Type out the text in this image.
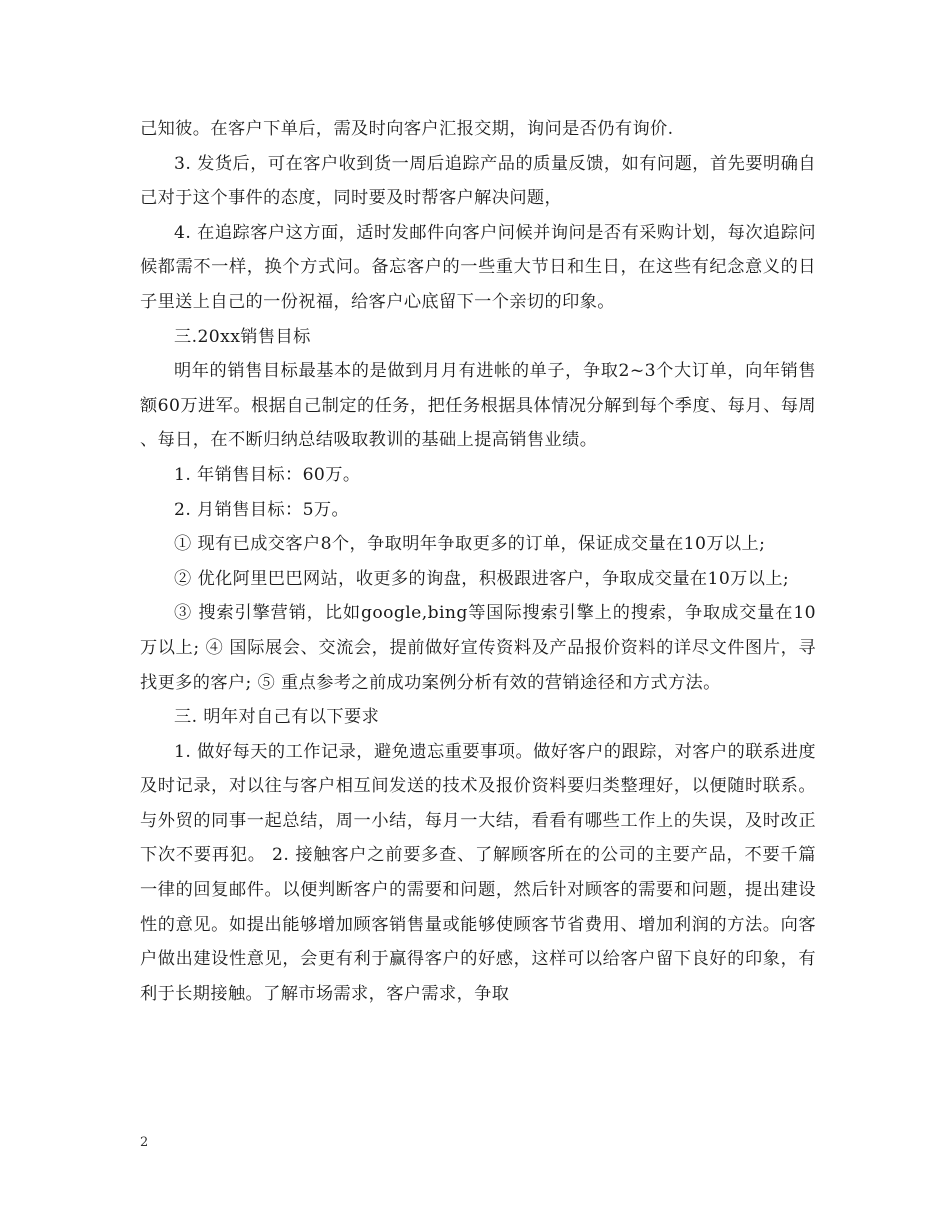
己知彼。在客户下单后，需及时向客户汇报交期，询问是否仍有询价.

3. 发货后，可在客户收到货一周后追踪产品的质量反馈，如有问题，首先要明确自己对于这个事件的态度，同时要及时帮客户解决问题，

4. 在追踪客户这方面，适时发邮件向客户问候并询问是否有采购计划，每次追踪问候都需不一样，换个方式问。备忘客户的一些重大节日和生日，在这些有纪念意义的日子里送上自己的一份祝福，给客户心底留下一个亲切的印象。

三.20xx销售目标

明年的销售目标最基本的是做到月月有进帐的单子，争取2~3个大订单，向年销售额60万进军。根据自己制定的任务，把任务根据具体情况分解到每个季度、每月、每周 、每日，在不断归纳总结吸取教训的基础上提高销售业绩。

1. 年销售目标：60万。

2. 月销售目标：5万。

① 现有已成交客户8个，争取明年争取更多的订单，保证成交量在10万以上;

② 优化阿里巴巴网站，收更多的询盘，积极跟进客户，争取成交量在10万以上;

③ 搜索引擎营销，比如google,bing等国际搜索引擎上的搜索，争取成交量在10万以上; ④ 国际展会、交流会，提前做好宣传资料及产品报价资料的详尽文件图片，寻找更多的客户; ⑤ 重点参考之前成功案例分析有效的营销途径和方式方法。

三. 明年对自己有以下要求

1. 做好每天的工作记录，避免遗忘重要事项。做好客户的跟踪，对客户的联系进度及时记录，对以往与客户相互间发送的技术及报价资料要归类整理好，以便随时联系。与外贸的同事一起总结，周一小结，每月一大结，看看有哪些工作上的失误，及时改正下次不要再犯。 2. 接触客户之前要多查、了解顾客所在的公司的主要产品，不要千篇一律的回复邮件。以便判断客户的需要和问题，然后针对顾客的需要和问题，提出建设性的意见。如提出能够增加顾客销售量或能够使顾客节省费用、增加利润的方法。向客户做出建设性意见，会更有利于赢得客户的好感，这样可以给客户留下良好的印象，有利于长期接触。了解市场需求，客户需求，争取

2
